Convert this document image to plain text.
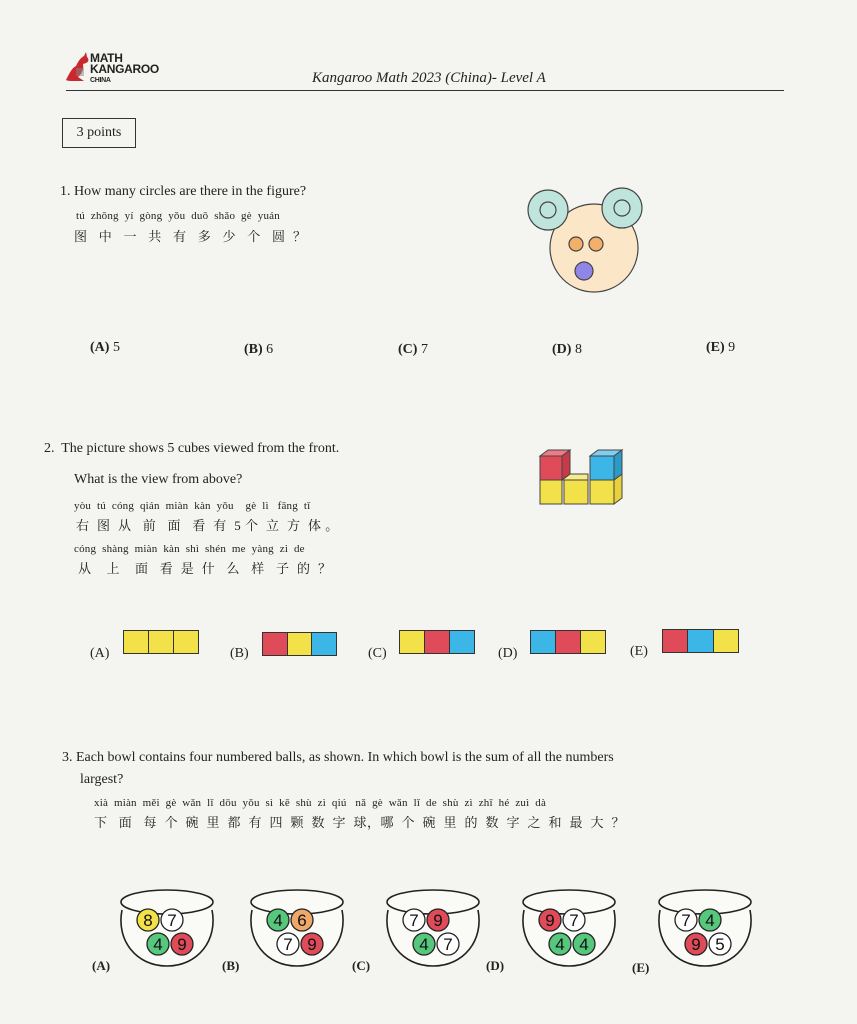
MATH
KANGAROO
CHINA	Kangaroo Math 2023 (China)- Level A
3 points
1. How many circles are there in the figure?
tú  zhōng  yí  gòng  yǒu  duō  shǎo  gè  yuán
图   中   一   共   有   多   少   个   圆  ？
(A) 5	(B) 6	(C) 7	(D) 8	(E) 9
2. The picture shows 5 cubes viewed from the front.
What is the view from above?
yòu  tú  cóng  qián  miàn  kàn  yǒu    gè  lì   fāng  tǐ
右  图  从   前   面   看  有  5 个  立  方  体 。
cóng  shàng  miàn  kàn  shì  shén  me  yàng  zi  de
从    上    面   看  是  什   么   样   子  的  ？
(A)	(B)	(C)	(D)	(E)
3. Each bowl contains four numbered balls, as shown. In which bowl is the sum of all the numbers
largest?
xià  miàn  měi  gè  wǎn  lǐ  dōu  yǒu  sì  kē  shù  zì  qiú   nǎ  gè  wǎn  lǐ  de  shù  zì  zhī  hé  zuì  dà
下   面   每  个  碗  里  都  有  四  颗  数  字  球，哪  个  碗  里  的  数  字  之  和  最  大  ？
(A)
8 7
4 9
(B)
4 6
7 9
(C)
7 9
4 7
(D)
9 7
4 4
(E)
7 4
9 5
